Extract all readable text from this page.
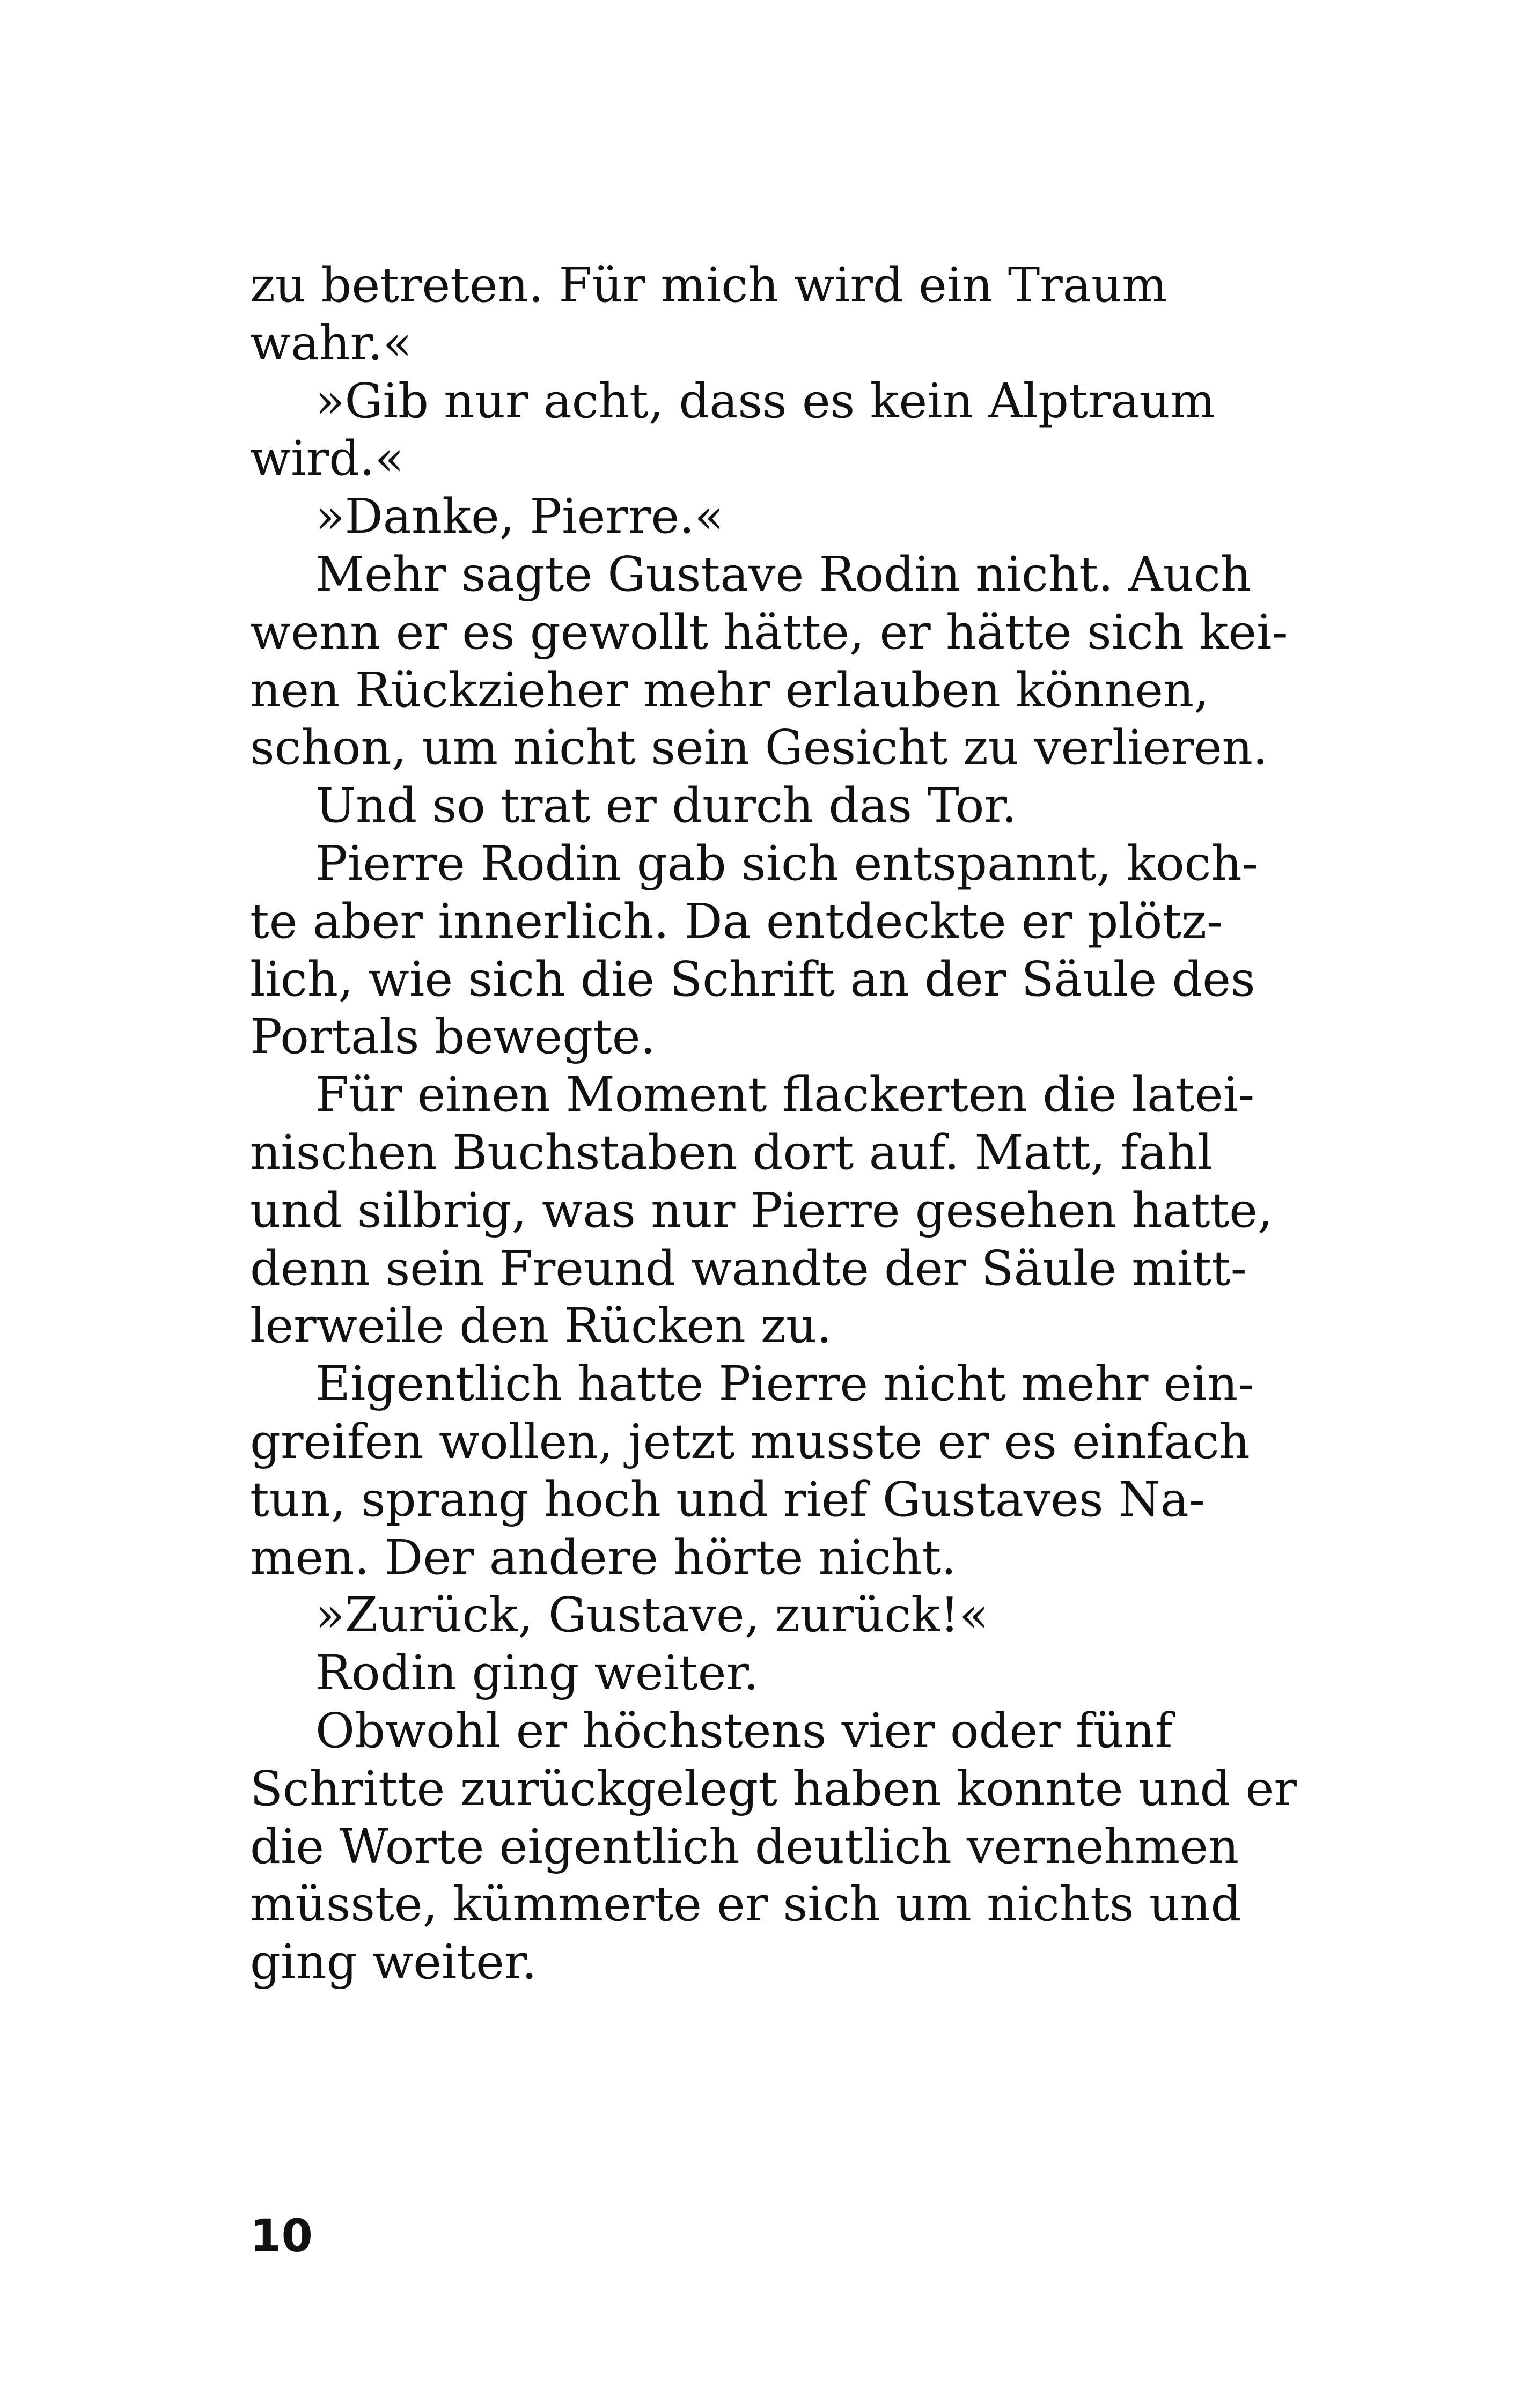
zu betreten. Für mich wird ein Traum
wahr.«
»Gib nur acht, dass es kein Alptraum
wird.«
»Danke, Pierre.«
Mehr sagte Gustave Rodin nicht. Auch
wenn er es gewollt hätte, er hätte sich kei-
nen Rückzieher mehr erlauben können,
schon, um nicht sein Gesicht zu verlieren.
Und so trat er durch das Tor.
Pierre Rodin gab sich entspannt, koch-
te aber innerlich. Da entdeckte er plötz-
lich, wie sich die Schrift an der Säule des
Portals bewegte.
Für einen Moment flackerten die latei-
nischen Buchstaben dort auf. Matt, fahl
und silbrig, was nur Pierre gesehen hatte,
denn sein Freund wandte der Säule mitt-
lerweile den Rücken zu.
Eigentlich hatte Pierre nicht mehr ein-
greifen wollen, jetzt musste er es einfach
tun, sprang hoch und rief Gustaves Na-
men. Der andere hörte nicht.
»Zurück, Gustave, zurück!«
Rodin ging weiter.
Obwohl er höchstens vier oder fünf
Schritte zurückgelegt haben konnte und er
die Worte eigentlich deutlich vernehmen
müsste, kümmerte er sich um nichts und
ging weiter.
10
